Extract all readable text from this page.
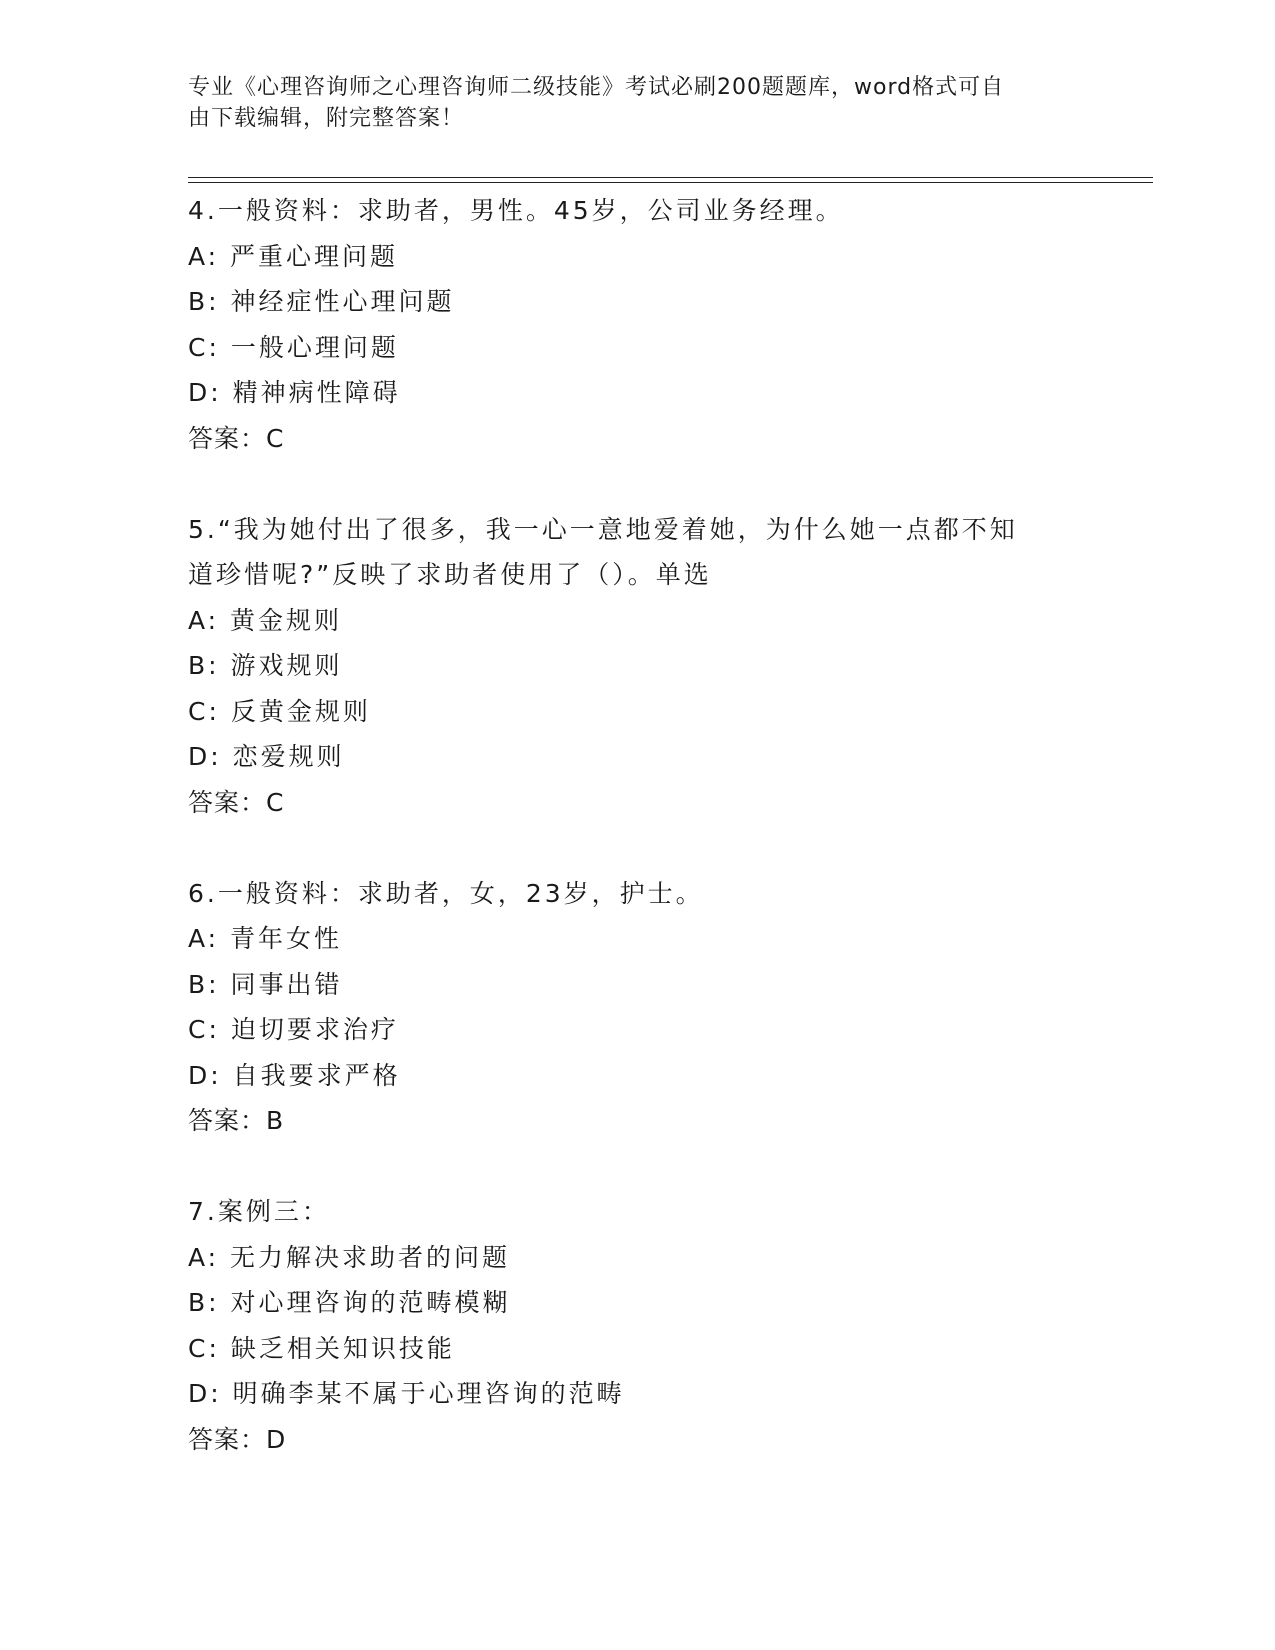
专业《心理咨询师之心理咨询师二级技能》考试必刷200题题库，word格式可自
由下载编辑，附完整答案！
4.一般资料：求助者，男性。45岁，公司业务经理。
A: 严重心理问题
B: 神经症性心理问题
C: 一般心理问题
D: 精神病性障碍
答案：C
5.“我为她付出了很多，我一心一意地爱着她，为什么她一点都不知
道珍惜呢?”反映了求助者使用了（）。单选
A: 黄金规则
B: 游戏规则
C: 反黄金规则
D: 恋爱规则
答案：C
6.一般资料：求助者，女，23岁，护士。
A: 青年女性
B: 同事出错
C: 迫切要求治疗
D: 自我要求严格
答案：B
7.案例三：
A: 无力解决求助者的问题
B: 对心理咨询的范畴模糊
C: 缺乏相关知识技能
D: 明确李某不属于心理咨询的范畴
答案：D
